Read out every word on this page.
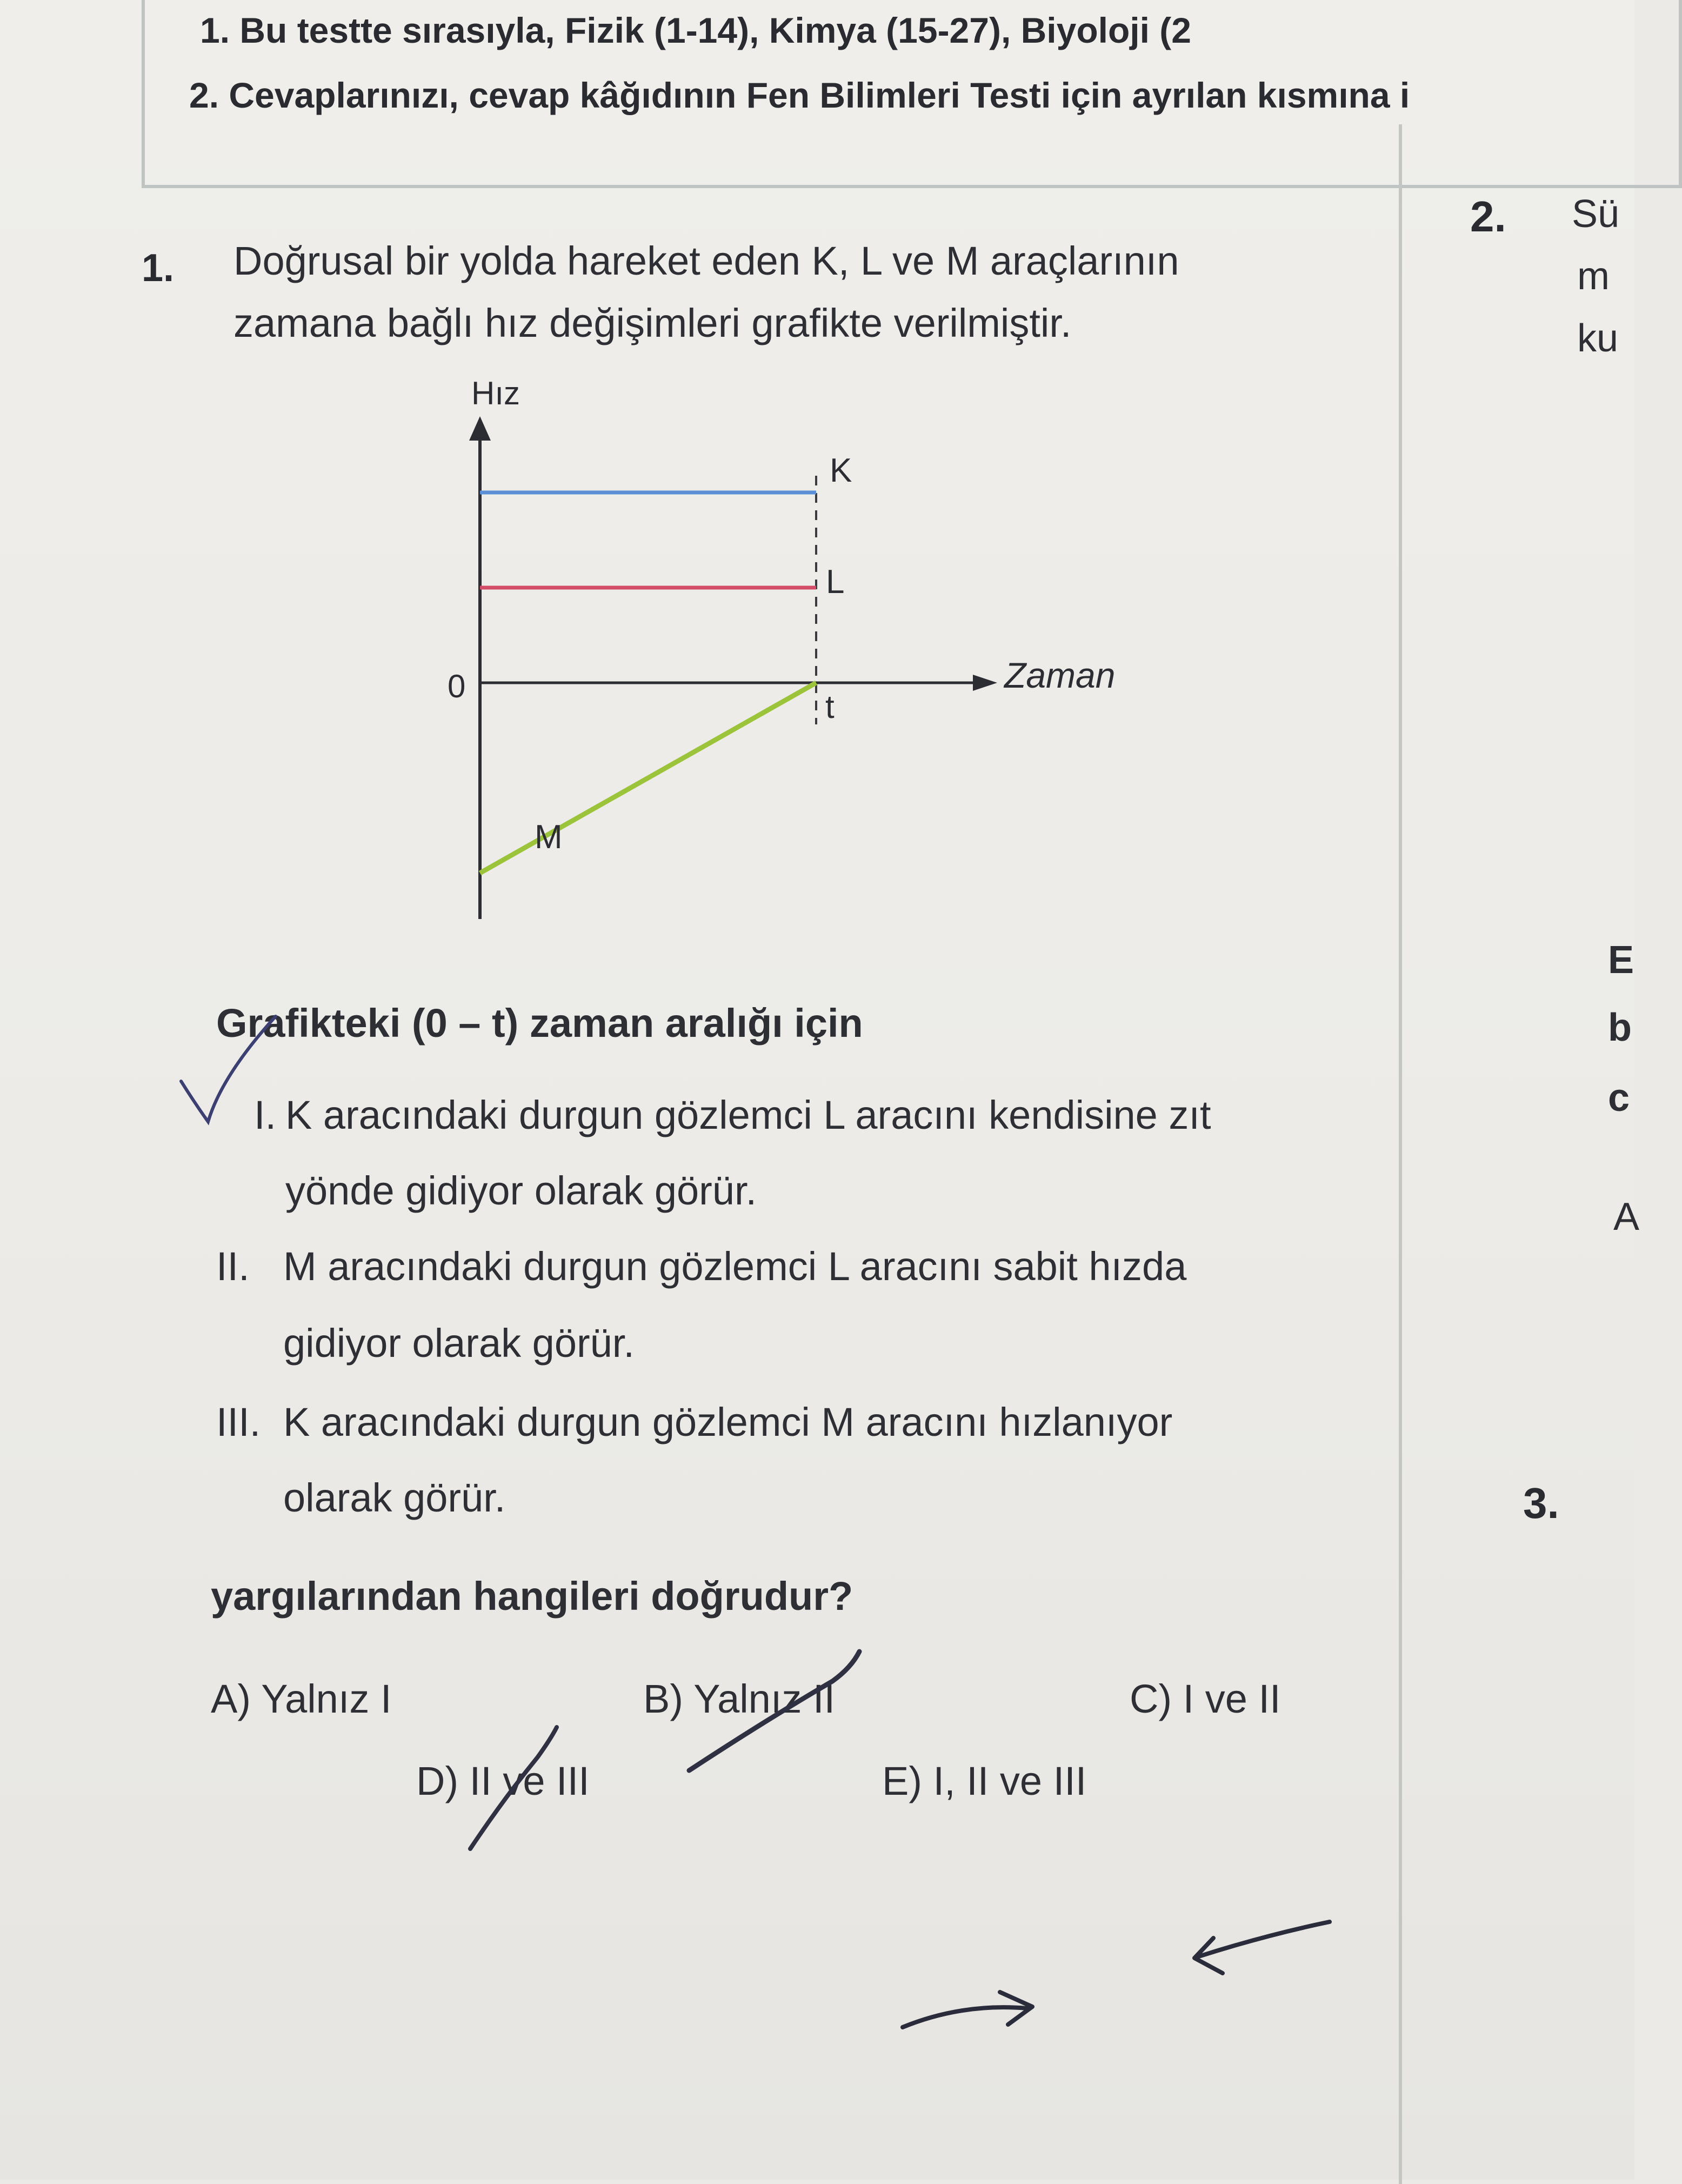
1. Bu testte sırasıyla, Fizik (1-14), Kimya (15-27), Biyoloji (2
2. Cevaplarınızı, cevap kâğıdının Fen Bilimleri Testi için ayrılan kısmına i
1. Doğrusal bir yolda hareket eden K, L ve M araçlarının
zamana bağlı hız değişimleri grafikte verilmiştir.
Hız
Zaman
0
t
K
L
M
Grafikteki (0 – t) zaman aralığı için
I. K aracındaki durgun gözlemci L aracını kendisine zıt
yönde gidiyor olarak görür.
II. M aracındaki durgun gözlemci L aracını sabit hızda
gidiyor olarak görür.
III. K aracındaki durgun gözlemci M aracını hızlanıyor
olarak görür.
yargılarından hangileri doğrudur?
A) Yalnız I	B) Yalnız II	C) I ve II
D) II ve III	E) I, II ve III
2. Sü
m
ku
E
b
c
A
3.
